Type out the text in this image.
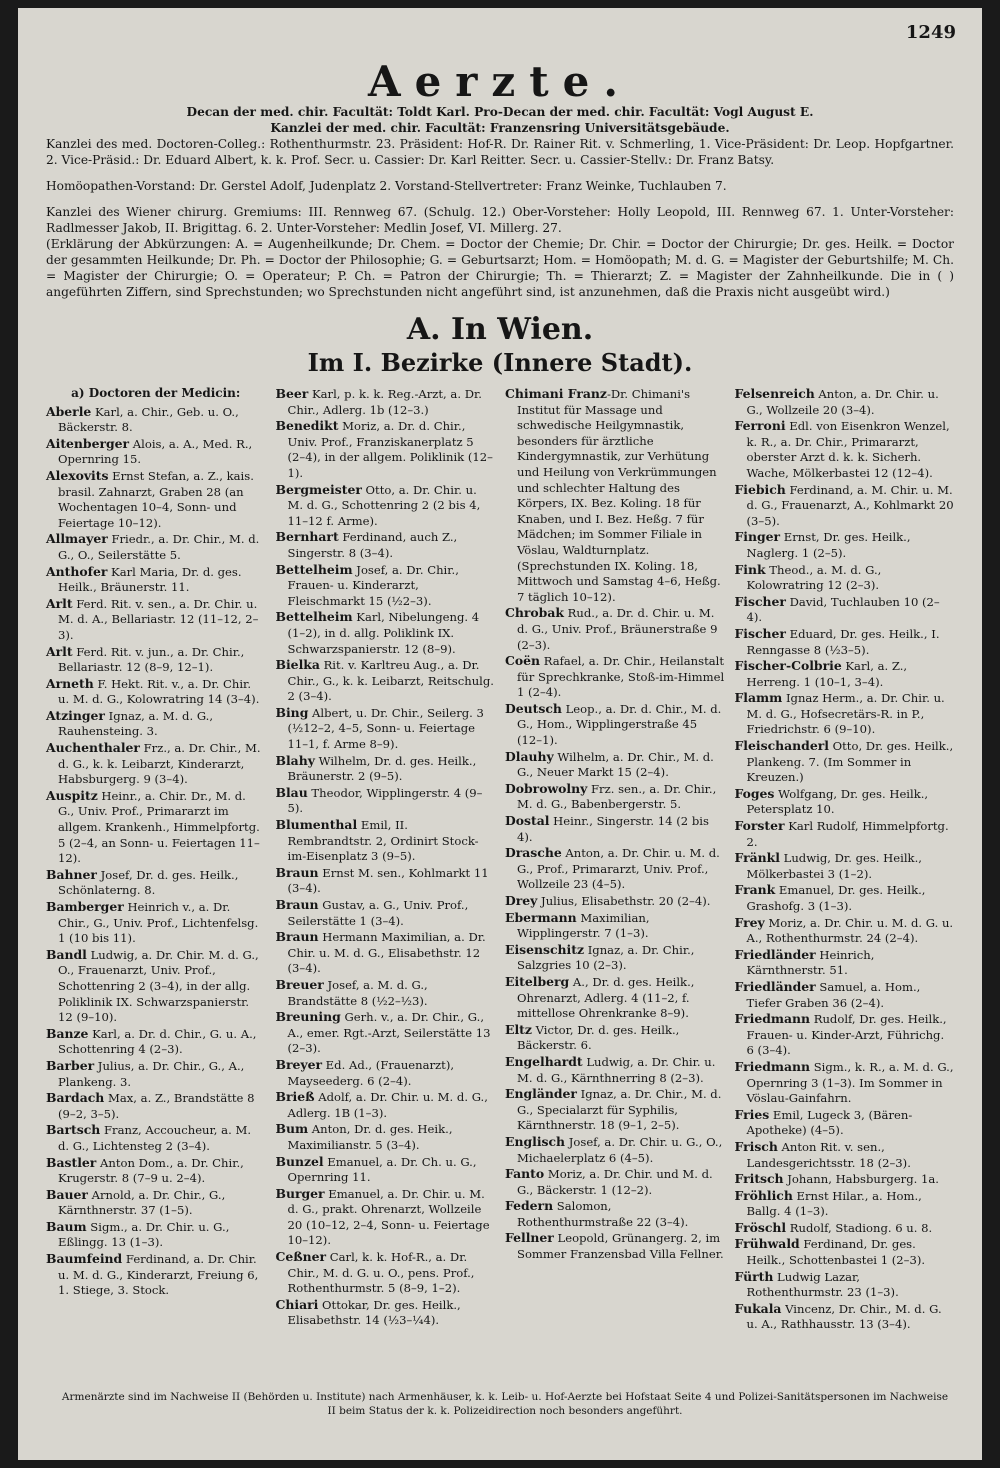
1249
Aerzte.

Decan der med. chir. Facultät: Toldt Karl. Pro-Decan der med. chir. Facultät: Vogl August E.

Kanzlei der med. chir. Facultät: Franzensring Universitätsgebäude.

Kanzlei des med. Doctoren-Colleg.: Rothenthurmstr. 23. Präsident: Hof-R. Dr. Rainer Rit. v. Schmerling, 1. Vice-Präsident: Dr. Leop. Hopfgartner. 2. Vice-Präsid.: Dr. Eduard Albert, k. k. Prof. Secr. u. Cassier: Dr. Karl Reitter. Secr. u. Cassier-Stellv.: Dr. Franz Batsy.

Homöopathen-Vorstand: Dr. Gerstel Adolf, Judenplatz 2. Vorstand-Stellvertreter: Franz Weinke, Tuchlauben 7.

Kanzlei des Wiener chirurg. Gremiums: III. Rennweg 67. (Schulg. 12.) Ober-Vorsteher: Holly Leopold, III. Rennweg 67. 1. Unter-Vorsteher: Radlmesser Jakob, II. Brigittag. 6. 2. Unter-Vorsteher: Medlin Josef, VI. Millerg. 27.

(Erklärung der Abkürzungen: A. = Augenheilkunde; Dr. Chem. = Doctor der Chemie; Dr. Chir. = Doctor der Chirurgie; Dr. ges. Heilk. = Doctor der gesammten Heilkunde; Dr. Ph. = Doctor der Philosophie; G. = Geburtsarzt; Hom. = Homöopath; M. d. G. = Magister der Geburtshilfe; M. Ch. = Magister der Chirurgie; O. = Operateur; P. Ch. = Patron der Chirurgie; Th. = Thierarzt; Z. = Magister der Zahnheilkunde. Die in ( ) angeführten Ziffern, sind Sprechstunden; wo Sprechstunden nicht angeführt sind, ist anzunehmen, daß die Praxis nicht ausgeübt wird.)

A. In Wien.
Im I. Bezirke (Innere Stadt).
a) Doctoren der Medicin:

Aberle Karl, a. Chir., Geb. u. O., Bäckerstr. 8.

Aitenberger Alois, a. A., Med. R., Opernring 15.

Alexovits Ernst Stefan, a. Z., kais. brasil. Zahnarzt, Graben 28 (an Wochentagen 10–4, Sonn- und Feiertage 10–12).

Allmayer Friedr., a. Dr. Chir., M. d. G., O., Seilerstätte 5.

Anthofer Karl Maria, Dr. d. ges. Heilk., Bräunerstr. 11.

Arlt Ferd. Rit. v. sen., a. Dr. Chir. u. M. d. A., Bellariastr. 12 (11–12, 2–3).

Arlt Ferd. Rit. v. jun., a. Dr. Chir., Bellariastr. 12 (8–9, 12–1).

Arneth F. Hekt. Rit. v., a. Dr. Chir. u. M. d. G., Kolowratring 14 (3–4).

Atzinger Ignaz, a. M. d. G., Rauhensteing. 3.

Auchenthaler Frz., a. Dr. Chir., M. d. G., k. k. Leibarzt, Kinderarzt, Habsburgerg. 9 (3–4).

Auspitz Heinr., a. Chir. Dr., M. d. G., Univ. Prof., Primararzt im allgem. Krankenh., Himmelpfortg. 5 (2–4, an Sonn- u. Feiertagen 11–12).

Bahner Josef, Dr. d. ges. Heilk., Schönlaterng. 8.

Bamberger Heinrich v., a. Dr. Chir., G., Univ. Prof., Lichtenfelsg. 1 (10 bis 11).

Bandl Ludwig, a. Dr. Chir. M. d. G., O., Frauenarzt, Univ. Prof., Schottenring 2 (3–4), in der allg. Poliklinik IX. Schwarzspanierstr. 12 (9–10).

Banze Karl, a. Dr. d. Chir., G. u. A., Schottenring 4 (2–3).

Barber Julius, a. Dr. Chir., G., A., Plankeng. 3.

Bardach Max, a. Z., Brandstätte 8 (9–2, 3–5).

Bartsch Franz, Accoucheur, a. M. d. G., Lichtensteg 2 (3–4).

Bastler Anton Dom., a. Dr. Chir., Krugerstr. 8 (7–9 u. 2–4).

Bauer Arnold, a. Dr. Chir., G., Kärnthnerstr. 37 (1–5).

Baum Sigm., a. Dr. Chir. u. G., Eßlingg. 13 (1–3).

Baumfeind Ferdinand, a. Dr. Chir. u. M. d. G., Kinderarzt, Freiung 6, 1. Stiege, 3. Stock.

Beer Karl, p. k. k. Reg.-Arzt, a. Dr. Chir., Adlerg. 1b (12–3.)

Benedikt Moriz, a. Dr. d. Chir., Univ. Prof., Franziskanerplatz 5 (2–4), in der allgem. Poliklinik (12–1).

Bergmeister Otto, a. Dr. Chir. u. M. d. G., Schottenring 2 (2 bis 4, 11–12 f. Arme).

Bernhart Ferdinand, auch Z., Singerstr. 8 (3–4).

Bettelheim Josef, a. Dr. Chir., Frauen- u. Kinderarzt, Fleischmarkt 15 (½2–3).

Bettelheim Karl, Nibelungeng. 4 (1–2), in d. allg. Poliklink IX. Schwarzspanierstr. 12 (8–9).

Bielka Rit. v. Karltreu Aug., a. Dr. Chir., G., k. k. Leibarzt, Reitschulg. 2 (3–4).

Bing Albert, u. Dr. Chir., Seilerg. 3 (½12–2, 4–5, Sonn- u. Feiertage 11–1, f. Arme 8–9).

Blahy Wilhelm, Dr. d. ges. Heilk., Bräunerstr. 2 (9–5).

Blau Theodor, Wipplingerstr. 4 (9–5).

Blumenthal Emil, II. Rembrandtstr. 2, Ordinirt Stock-im-Eisenplatz 3 (9–5).

Braun Ernst M. sen., Kohlmarkt 11 (3–4).

Braun Gustav, a. G., Univ. Prof., Seilerstätte 1 (3–4).

Braun Hermann Maximilian, a. Dr. Chir. u. M. d. G., Elisabethstr. 12 (3–4).

Breuer Josef, a. M. d. G., Brandstätte 8 (½2–½3).

Breuning Gerh. v., a. Dr. Chir., G., A., emer. Rgt.-Arzt, Seilerstätte 13 (2–3).

Breyer Ed. Ad., (Frauenarzt), Mayseederg. 6 (2–4).

Brieß Adolf, a. Dr. Chir. u. M. d. G., Adlerg. 1B (1–3).

Bum Anton, Dr. d. ges. Heik., Maximilianstr. 5 (3–4).

Bunzel Emanuel, a. Dr. Ch. u. G., Opernring 11.

Burger Emanuel, a. Dr. Chir. u. M. d. G., prakt. Ohrenarzt, Wollzeile 20 (10–12, 2–4, Sonn- u. Feiertage 10–12).

Ceßner Carl, k. k. Hof-R., a. Dr. Chir., M. d. G. u. O., pens. Prof., Rothenthurmstr. 5 (8–9, 1–2).

Chiari Ottokar, Dr. ges. Heilk., Elisabethstr. 14 (½3–¼4).

Chimani Franz-Dr. Chimani's Institut für Massage und schwedische Heilgymnastik, besonders für ärztliche Kindergymnastik, zur Verhütung und Heilung von Verkrümmungen und schlechter Haltung des Körpers, IX. Bez. Koling. 18 für Knaben, und I. Bez. Heßg. 7 für Mädchen; im Sommer Filiale in Vöslau, Waldturnplatz. (Sprechstunden IX. Koling. 18, Mittwoch und Samstag 4–6, Heßg. 7 täglich 10–12).

Chrobak Rud., a. Dr. d. Chir. u. M. d. G., Univ. Prof., Bräunerstraße 9 (2–3).

Coën Rafael, a. Dr. Chir., Heilanstalt für Sprechkranke, Stoß-im-Himmel 1 (2–4).

Deutsch Leop., a. Dr. d. Chir., M. d. G., Hom., Wipplingerstraße 45 (12–1).

Dlauhy Wilhelm, a. Dr. Chir., M. d. G., Neuer Markt 15 (2–4).

Dobrowolny Frz. sen., a. Dr. Chir., M. d. G., Babenbergerstr. 5.

Dostal Heinr., Singerstr. 14 (2 bis 4).

Drasche Anton, a. Dr. Chir. u. M. d. G., Prof., Primararzt, Univ. Prof., Wollzeile 23 (4–5).

Drey Julius, Elisabethstr. 20 (2–4).

Ebermann Maximilian, Wipplingerstr. 7 (1–3).

Eisenschitz Ignaz, a. Dr. Chir., Salzgries 10 (2–3).

Eitelberg A., Dr. d. ges. Heilk., Ohrenarzt, Adlerg. 4 (11–2, f. mittellose Ohrenkranke 8–9).

Eltz Victor, Dr. d. ges. Heilk., Bäckerstr. 6.

Engelhardt Ludwig, a. Dr. Chir. u. M. d. G., Kärnthnerring 8 (2–3).

Engländer Ignaz, a. Dr. Chir., M. d. G., Specialarzt für Syphilis, Kärnthnerstr. 18 (9–1, 2–5).

Englisch Josef, a. Dr. Chir. u. G., O., Michaelerplatz 6 (4–5).

Fanto Moriz, a. Dr. Chir. und M. d. G., Bäckerstr. 1 (12–2).

Federn Salomon, Rothenthurmstraße 22 (3–4).

Fellner Leopold, Grünangerg. 2, im Sommer Franzensbad Villa Fellner.

Felsenreich Anton, a. Dr. Chir. u. G., Wollzeile 20 (3–4).

Ferroni Edl. von Eisenkron Wenzel, k. R., a. Dr. Chir., Primararzt, oberster Arzt d. k. k. Sicherh. Wache, Mölkerbastei 12 (12–4).

Fiebich Ferdinand, a. M. Chir. u. M. d. G., Frauenarzt, A., Kohlmarkt 20 (3–5).

Finger Ernst, Dr. ges. Heilk., Naglerg. 1 (2–5).

Fink Theod., a. M. d. G., Kolowratring 12 (2–3).

Fischer David, Tuchlauben 10 (2–4).

Fischer Eduard, Dr. ges. Heilk., I. Renngasse 8 (½3–5).

Fischer-Colbrie Karl, a. Z., Herreng. 1 (10–1, 3–4).

Flamm Ignaz Herm., a. Dr. Chir. u. M. d. G., Hofsecretärs-R. in P., Friedrichstr. 6 (9–10).

Fleischanderl Otto, Dr. ges. Heilk., Plankeng. 7. (Im Sommer in Kreuzen.)

Foges Wolfgang, Dr. ges. Heilk., Petersplatz 10.

Forster Karl Rudolf, Himmelpfortg. 2.

Fränkl Ludwig, Dr. ges. Heilk., Mölkerbastei 3 (1–2).

Frank Emanuel, Dr. ges. Heilk., Grashofg. 3 (1–3).

Frey Moriz, a. Dr. Chir. u. M. d. G. u. A., Rothenthurmstr. 24 (2–4).

Friedländer Heinrich, Kärnthnerstr. 51.

Friedländer Samuel, a. Hom., Tiefer Graben 36 (2–4).

Friedmann Rudolf, Dr. ges. Heilk., Frauen- u. Kinder-Arzt, Führichg. 6 (3–4).

Friedmann Sigm., k. R., a. M. d. G., Opernring 3 (1–3). Im Sommer in Vöslau-Gainfahrn.

Fries Emil, Lugeck 3, (Bären-Apotheke) (4–5).

Frisch Anton Rit. v. sen., Landesgerichtsstr. 18 (2–3).

Fritsch Johann, Habsburgerg. 1a.

Fröhlich Ernst Hilar., a. Hom., Ballg. 4 (1–3).

Fröschl Rudolf, Stadiong. 6 u. 8.

Frühwald Ferdinand, Dr. ges. Heilk., Schottenbastei 1 (2–3).

Fürth Ludwig Lazar, Rothenthurmstr. 23 (1–3).

Fukala Vincenz, Dr. Chir., M. d. G. u. A., Rathhausstr. 13 (3–4).

Armenärzte sind im Nachweise II (Behörden u. Institute) nach Armenhäuser, k. k. Leib- u. Hof-Aerzte bei Hofstaat Seite 4 und Polizei-Sanitätspersonen im Nachweise II beim Status der k. k. Polizeidirection noch besonders angeführt.
